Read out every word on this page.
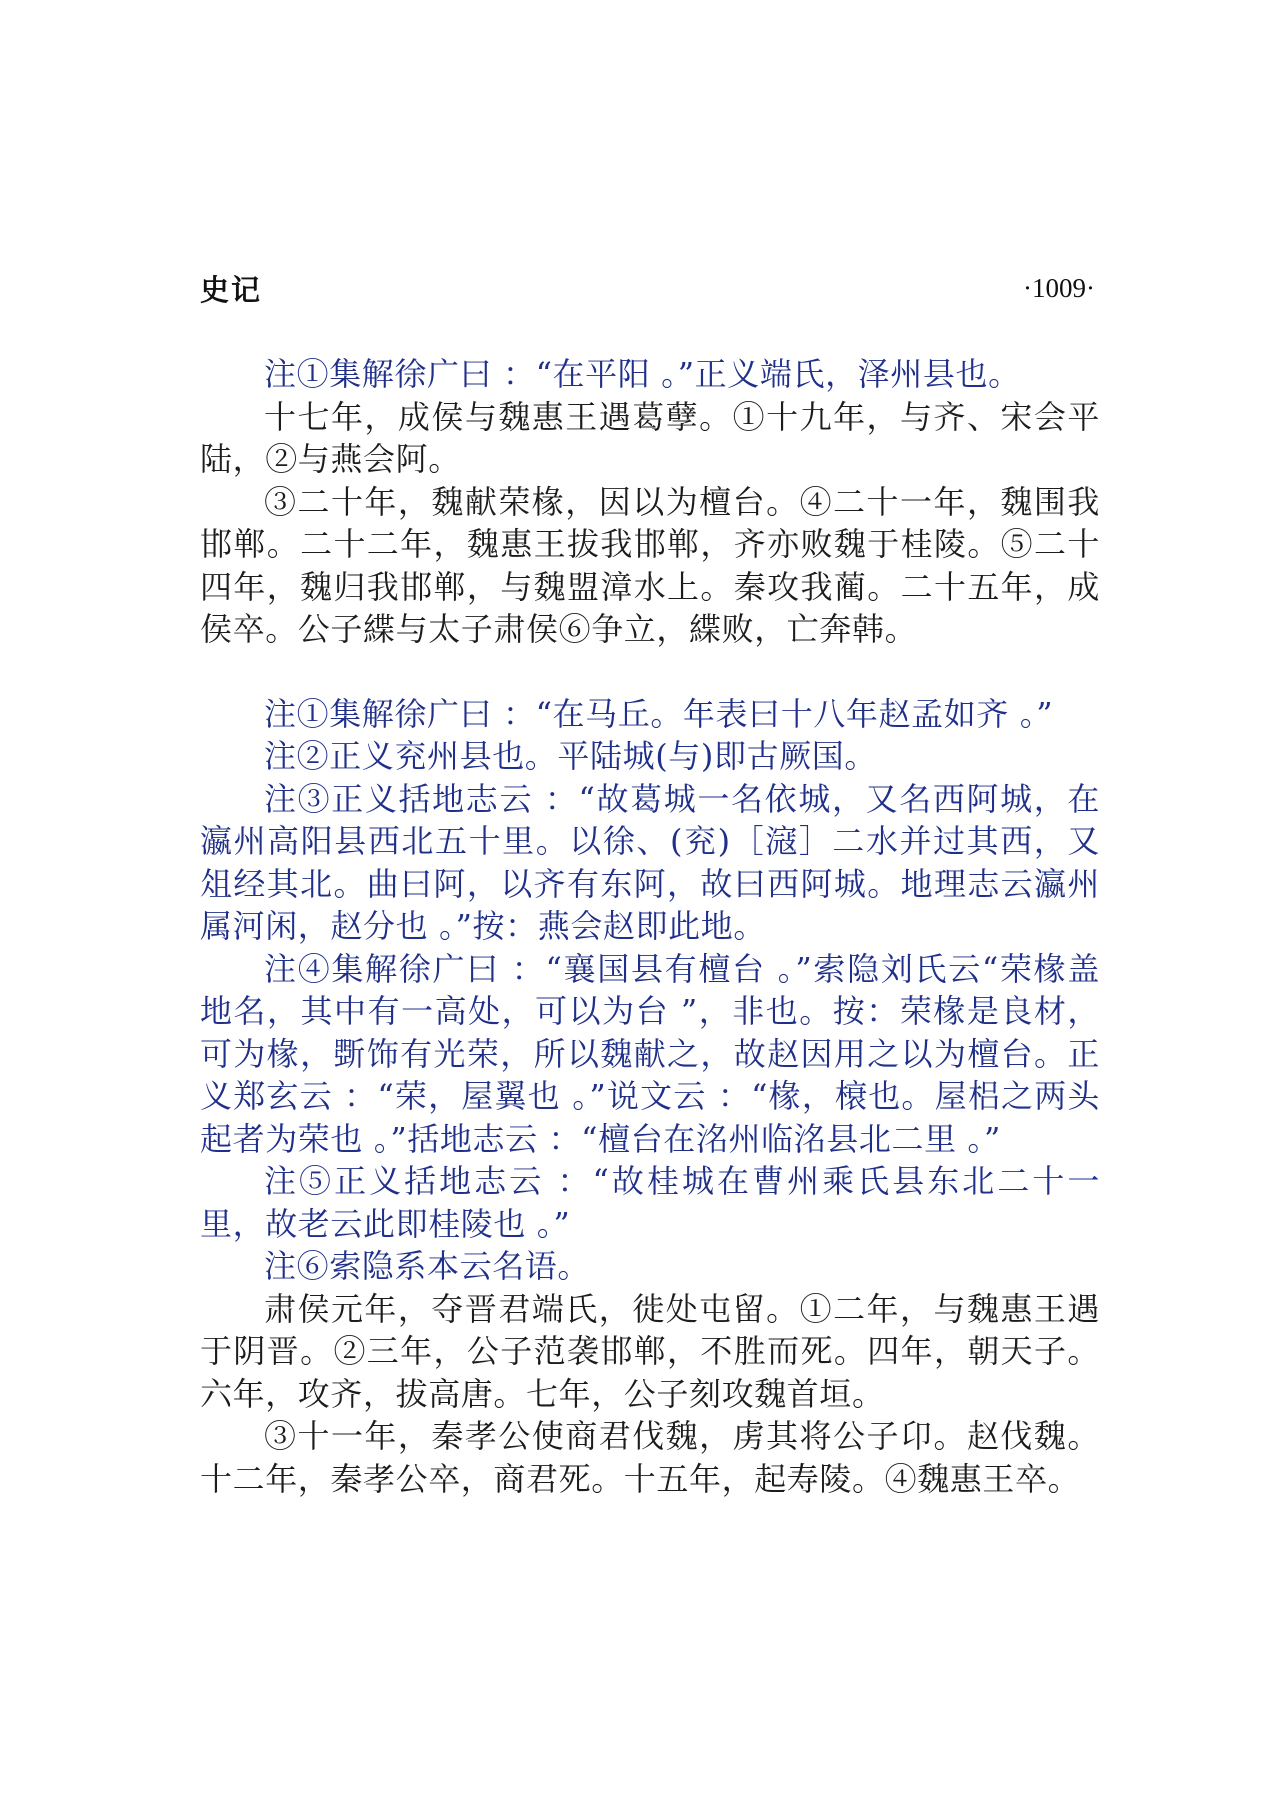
史记	·1009·

注①集解徐广曰 ：“在平阳 。”正义端氏，泽州县也。

十七年，成侯与魏惠王遇葛孽。①十九年，与齐、宋会平陆，②与燕会阿。

③二十年，魏献荣椽，因以为檀台。④二十一年，魏围我邯郸。二十二年，魏惠王拔我邯郸，齐亦败魏于桂陵。⑤二十四年，魏归我邯郸，与魏盟漳水上。秦攻我蔺。二十五年，成侯卒。公子緤与太子肃侯⑥争立，緤败，亡奔韩。

注①集解徐广曰 ：“在马丘。年表曰十八年赵孟如齐 。”

注②正义兖州县也。平陆城(与)即古厥国。

注③正义括地志云 ：“故葛城一名依城，又名西阿城，在瀛州高阳县西北五十里。以徐、(兖)［滱］二水并过其西，又俎经其北。曲曰阿，以齐有东阿，故曰西阿城。地理志云瀛州属河闲，赵分也 。”按：燕会赵即此地。

注④集解徐广曰 ：“襄国县有檀台 。”索隐刘氏云“荣椽盖地名，其中有一高处，可以为台 ”，非也。按：荣椽是良材，可为椽，斲饰有光荣，所以魏献之，故赵因用之以为檀台。正义郑玄云 ：“荣，屋翼也 。”说文云 ：“椽，榱也。屋梠之两头起者为荣也 。”括地志云 ：“檀台在洺州临洺县北二里 。”

注⑤正义括地志云 ：“故桂城在曹州乘氏县东北二十一里，故老云此即桂陵也 。”

注⑥索隐系本云名语。

肃侯元年，夺晋君端氏，徙处屯留。①二年，与魏惠王遇于阴晋。②三年，公子范袭邯郸，不胜而死。四年，朝天子。六年，攻齐，拔高唐。七年，公子刻攻魏首垣。

③十一年，秦孝公使商君伐魏，虏其将公子卬。赵伐魏。十二年，秦孝公卒，商君死。十五年，起寿陵。④魏惠王卒。
